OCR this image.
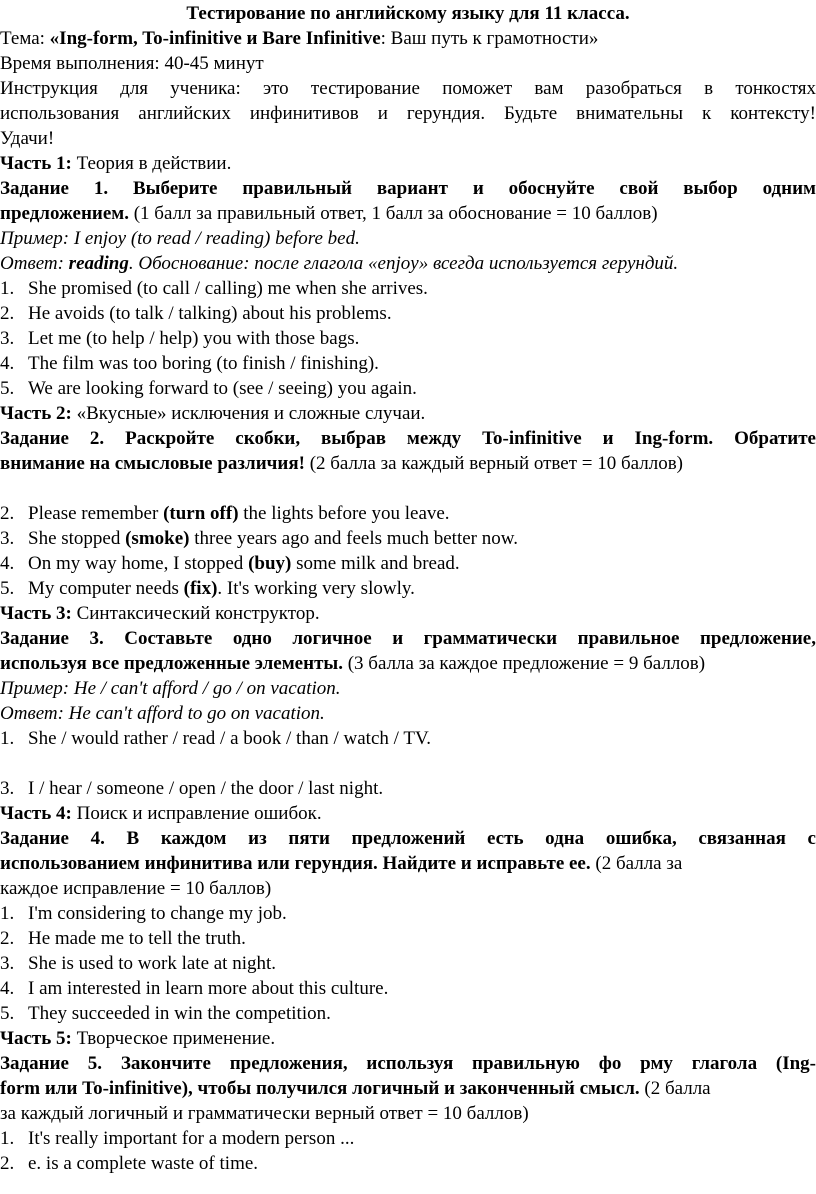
Тестирование по английскому языку для 11 класса.
Тема: «Ing-form, To-infinitive и Bare Infinitive: Ваш путь к грамотности»
Время выполнения: 40-45 минут
Инструкция для ученика: это тестирование поможет вам разобраться в тонкостях
использования английских инфинитивов и герундия. Будьте внимательны к контексту!
Удачи!
Часть 1: Теория в действии.
Задание 1. Выберите правильный вариант и обоснуйте свой выбор одним
предложением. (1 балл за правильный ответ, 1 балл за обоснование = 10 баллов)
Пример: I enjoy (to read / reading) before bed.
Ответ: reading. Обоснование: после глагола «enjoy» всегда используется герундий.
1. She promised (to call / calling) me when she arrives.
2. He avoids (to talk / talking) about his problems.
3. Let me (to help / help) you with those bags.
4. The film was too boring (to finish / finishing).
5. We are looking forward to (see / seeing) you again.
Часть 2: «Вкусные» исключения и сложные случаи.
Задание 2. Раскройте скобки, выбрав между To-infinitive и Ing-form. Обратите
внимание на смысловые различия! (2 балла за каждый верный ответ = 10 баллов)
2. Please remember (turn off) the lights before you leave.
3. She stopped (smoke) three years ago and feels much better now.
4. On my way home, I stopped (buy) some milk and bread.
5. My computer needs (fix). It's working very slowly.
Часть 3: Синтаксический конструктор.
Задание 3. Составьте одно логичное и грамматически правильное предложение,
используя все предложенные элементы. (3 балла за каждое предложение = 9 баллов)
Пример: He / can't afford / go / on vacation.
Ответ: He can't afford to go on vacation.
1. She / would rather / read / a book / than / watch / TV.
3. I / hear / someone / open / the door / last night.
Часть 4: Поиск и исправление ошибок.
Задание 4. В каждом из пяти предложений есть одна ошибка, связанная с
использованием инфинитива или герундия. Найдите и исправьте ее. (2 балла за
каждое исправление = 10 баллов)
1. I'm considering to change my job.
2. He made me to tell the truth.
3. She is used to work late at night.
4. I am interested in learn more about this culture.
5. They succeeded in win the competition.
Часть 5: Творческое применение.
Задание 5. Закончите предложения, используя правильную фо рму глагола (Ing-
form или To-infinitive), чтобы получился логичный и законченный смысл. (2 балла
за каждый логичный и грамматически верный ответ = 10 баллов)
1. It's really important for a modern person ...
2. e. is a complete waste of time.
